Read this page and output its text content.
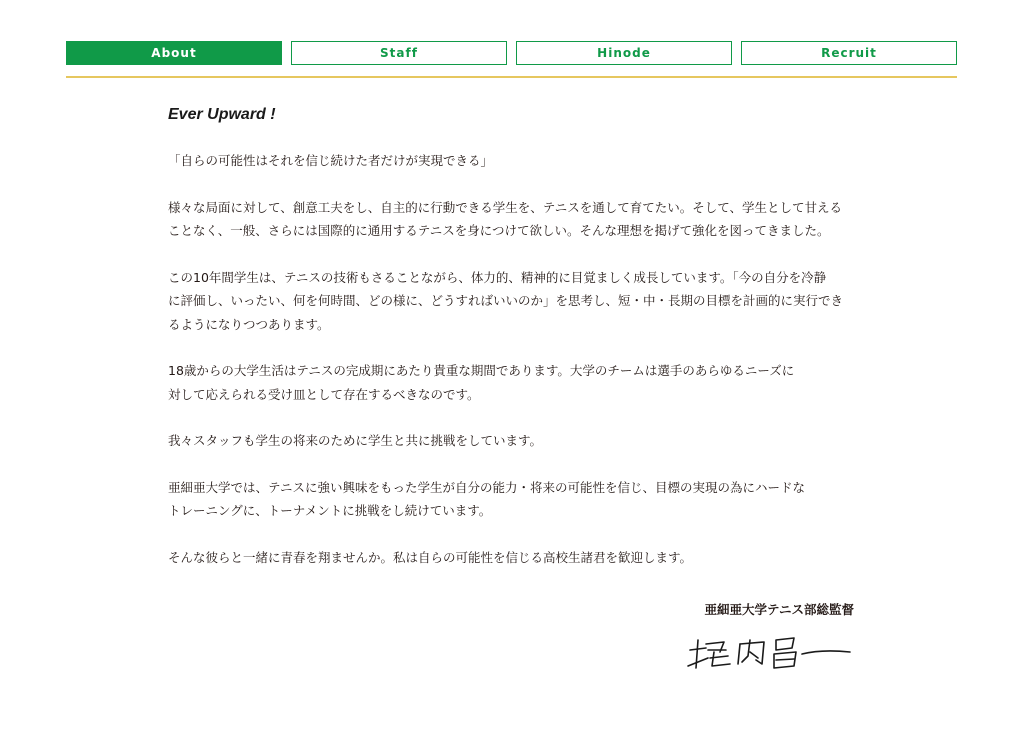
About	Staff	Hinode	Recruit
Ever Upward !

「自らの可能性はそれを信じ続けた者だけが実現できる」

様々な局面に対して、創意工夫をし、自主的に行動できる学生を、テニスを通して育てたい。そして、学生として甘える
ことなく、一般、さらには国際的に通用するテニスを身につけて欲しい。そんな理想を掲げて強化を図ってきました。

この10年間学生は、テニスの技術もさることながら、体力的、精神的に目覚ましく成長しています。「今の自分を冷静
に評価し、いったい、何を何時間、どの様に、どうすればいいのか」を思考し、短・中・長期の目標を計画的に実行でき
るようになりつつあります。

18歳からの大学生活はテニスの完成期にあたり貴重な期間であります。大学のチームは選手のあらゆるニーズに
対して応えられる受け皿として存在するべきなのです。

我々スタッフも学生の将来のために学生と共に挑戦をしています。

亜細亜大学では、テニスに強い興味をもった学生が自分の能力・将来の可能性を信じ、目標の実現の為にハードな
トレーニングに、トーナメントに挑戦をし続けています。

そんな彼らと一緒に青春を翔ませんか。私は自らの可能性を信じる高校生諸君を歓迎します。

亜細亜大学テニス部総監督
